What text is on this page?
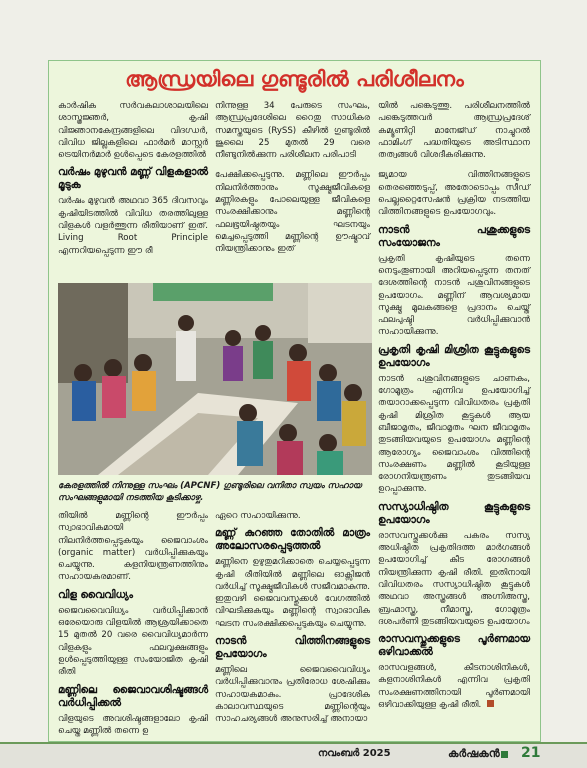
ആന്ധ്രയിലെ ഗുണ്ടൂരിൽ പരിശീലനം

കാർഷിക സർവകലാശാലയിലെ ശാസ്ത്രജ്ഞർ, കൃഷി വിജ്ഞാനകേന്ദ്രങ്ങളിലെ വിദഗ്ധർ, വിവിധ ജില്ലകളിലെ ഫാർമർ മാസ്റ്റർ ട്രെയിനർമാർ ഉൾപ്പെടെ കേരളത്തിൽ

വർഷം മുഴുവൻ മണ്ണ് വിളകളാൽ മൂടുക

വർഷം മുഴുവൻ അഥവാ 365 ദിവസവും കൃഷിയിടത്തിൽ വിവിധ തരത്തിലുള്ള വിളകൾ വളർത്തുന്ന രീതിയാണ് ഇത്. Living Root Principle എന്നറിയപ്പെടുന്ന ഈ രീ

നിന്നുള്ള 34 പേരുടെ സംഘം, ആന്ധ്രപ്രദേശിലെ റൈതു സാധികര സമസ്തയുടെ (RySS) കീഴിൽ ഗുണ്ടൂരിൽ ജൂലൈ 25 മുതൽ 29 വരെ നീണ്ടുനിൽക്കുന്ന പരിശീലന പരിപാടി

പേക്ഷിക്കപ്പെടുന്നു. മണ്ണിലെ ഈർപ്പം നിലനിർത്താനും സൂക്ഷ്മജീവികളെ മണ്ണിരകളും പോലെയുള്ള ജീവികളെ സംരക്ഷിക്കാനും മണ്ണിന്റെ ഫലഭൂയിഷ്ഠതയും ഘടനയും മെച്ചപ്പെടുത്തി മണ്ണിന്റെ ഊഷ്മാവ് നിയന്ത്രിക്കാനും ഇത്

യിൽ പങ്കെടുത്തു. പരിശീലനത്തിൽ പങ്കെടുത്തവർ ആന്ധ്രപ്രദേശ് കമ്യൂണിറ്റി മാനേജ്ഡ് നാച്ചുറൽ ഫാമിംഗ് പദ്ധതിയുടെ അടിസ്ഥാന തത്വങ്ങൾ വിശദീകരിക്കുന്നു.

ജ്യമായ വിത്തിനങ്ങളുടെ തെരഞ്ഞെടുപ്പ്, അതോടൊപ്പം സീഡ് പെല്ലറ്റൈസേഷൻ പ്രക്രിയ നടത്തിയ വിത്തിനങ്ങളുടെ ഉപയോഗവും.

നാടൻ പശുക്കളുടെ സംയോജനം

പ്രകൃതി കൃഷിയുടെ തന്നെ നെടുംതൂണായി അറിയപ്പെടുന്ന തനത് ദേശത്തിന്റെ നാടൻ പശുവിനങ്ങളുടെ ഉപയോഗം. മണ്ണിന് ആവശ്യമായ സൂക്ഷ്മ മൂലകങ്ങളെ പ്രദാനം ചെയ്ത് ഫലപുഷ്ടി വർധിപ്പിക്കുവാൻ സഹായിക്കുന്നു.

പ്രകൃതി കൃഷി മിശ്രിത കൂട്ടുകളുടെ ഉപയോഗം

നാടൻ പശുവിനങ്ങളുടെ ചാണകം, ഗോമൂത്രം എന്നിവ ഉപയോഗിച്ച് തയാറാക്കപ്പെടുന്ന വിവിധതരം പ്രകൃതി കൃഷി മിശ്രിത കൂട്ടുകൾ ആയ ബീജാമൃതം, ജീവാമൃതം ഘന ജീവാമൃതം തുടങ്ങിയവയുടെ ഉപയോഗം മണ്ണിന്റെ ആരോഗ്യം ജൈവാംശം വിത്തിന്റെ സംരക്ഷണം മണ്ണിൽ കൂടിയുള്ള രോഗനിയന്ത്രണം തുടങ്ങിയവ ഉറപ്പാക്കുന്നു.

സസ്യാധിഷ്ഠിത കൂട്ടുകളുടെ ഉപയോഗം

രാസവസ്തുക്കൾക്കു പകരം സസ്യ അധിഷ്ഠിത പ്രകൃതിദത്ത മാർഗങ്ങൾ ഉപയോഗിച്ച് കീട രോഗങ്ങൾ നിയന്ത്രിക്കുന്ന കൃഷി രീതി. ഇതിനായി വിവിധതരം സസ്യാധിഷ്ഠിത കൂട്ടുകൾ അഥവാ അസ്ത്രങ്ങൾ അഗ്നിഅസ്ത്ര, ബ്രഹ്മാസ്ത്ര, നീമാസ്ത്ര, ഗോമൂത്രം ദശപർണി തുടങ്ങിയവയുടെ ഉപയോഗം

രാസവസ്തുക്കളുടെ പൂർണമായ ഒഴിവാക്കൽ

രാസവളങ്ങൾ, കീടനാശിനികൾ, കളനാശിനികൾ എന്നിവ പ്രകൃതി സംരക്ഷണത്തിനായി പൂർണമായി ഒഴിവാക്കിയുള്ള കൃഷി രീതി.

കേരളത്തിൽ നിന്നുള്ള സംഘം (APCNF) ഗുണ്ടൂരിലെ വനിതാ സ്വയം സഹായ സംഘങ്ങളുമായി നടത്തിയ കൂടിക്കാഴ്ച.

തിയിൽ മണ്ണിന്റെ ഈർപ്പം സ്വാഭാവികമായി നിലനിർത്തപ്പെടുകയും ജൈവാംശം (organic matter) വർധിപ്പിക്കുകയും ചെയ്യുന്നു. കളനിയന്ത്രണത്തിനും സഹായകരമാണ്.

വിള വൈവിധ്യം

ജൈവവൈവിധ്യം വർധിപ്പിക്കാൻ ഒരേയൊരു വിളയിൽ ആശ്രയിക്കാതെ 15 മുതൽ 20 വരെ വൈവിധ്യമാർന്ന വിളകളും ഫലവൃക്ഷങ്ങളും ഉൾപ്പെടുത്തിയുള്ള സംയോജിത കൃഷി രീതി

മണ്ണിലെ ജൈവാവശിഷ്ടങ്ങൾ വർധിപ്പിക്കൽ

വിളയുടെ അവശിഷ്ടങ്ങളാലോ കൃഷി ചെയ്ത മണ്ണിൽ തന്നെ ഉ

ഏറെ സഹായിക്കുന്നു.

മണ്ണ് കുറഞ്ഞ തോതിൽ മാത്രം അലോസരപ്പെടുത്തൽ

മണ്ണിനെ ഉഴുതുമറിക്കാതെ ചെയ്യപ്പെടുന്ന കൃഷി രീതിയിൽ മണ്ണിലെ ഓക്സിജൻ വർധിച്ച് സൂക്ഷ്മജീവികൾ സജീവമാകുന്നു. ഇതുവഴി ജൈവവസ്തുക്കൾ വേഗത്തിൽ വിഘടിക്കുകയും മണ്ണിന്റെ സ്വാഭാവിക ഘടന സംരക്ഷിക്കപ്പെടുകയും ചെയ്യുന്നു.

നാടൻ വിത്തിനങ്ങളുടെ ഉപയോഗം

മണ്ണിലെ ജൈവവൈവിധ്യം വർധിപ്പിക്കുവാനും പ്രതിരോധ ശേഷിക്കും സഹായകമാകും. പ്രാദേശിക കാലാവസ്ഥയുടെ മണ്ണിന്റെയും സാഹചര്യങ്ങൾ അനുസരിച്ച് അനായാ

നവംബർ 2025	കർഷകൻ 21
